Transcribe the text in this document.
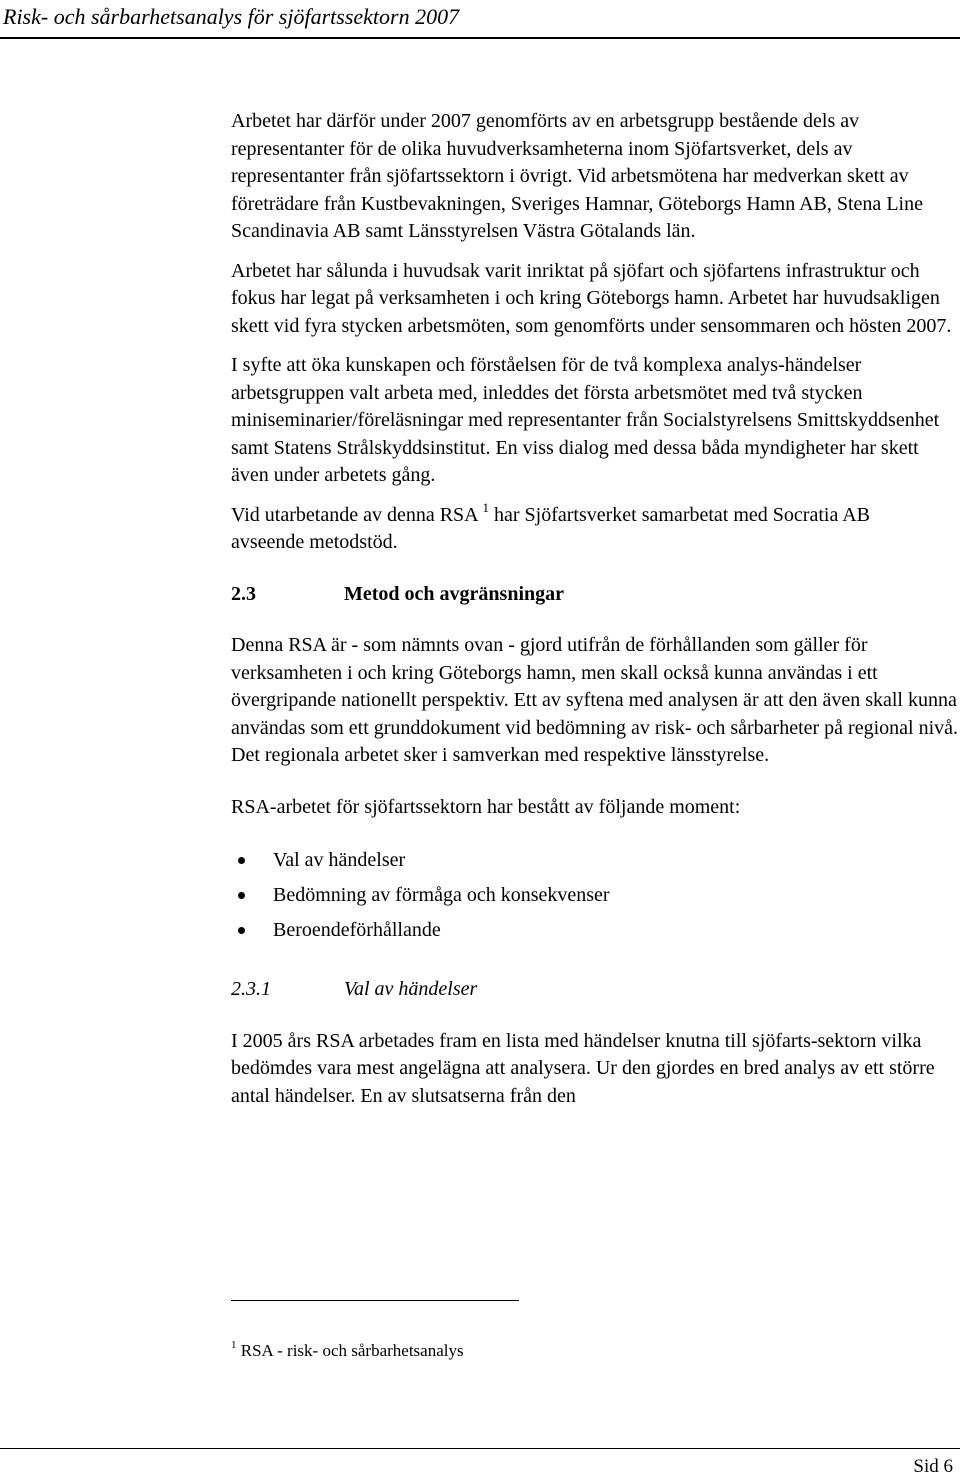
Risk- och sårbarhetsanalys för sjöfartssektorn 2007

Arbetet har därför under 2007 genomförts av en arbetsgrupp bestående dels av representanter för de olika huvudverksamheterna inom Sjöfartsverket, dels av representanter från sjöfartssektorn i övrigt. Vid arbetsmötena har medverkan skett av företrädare från Kustbevakningen, Sveriges Hamnar, Göteborgs Hamn AB, Stena Line Scandinavia AB samt Länsstyrelsen Västra Götalands län.

Arbetet har sålunda i huvudsak varit inriktat på sjöfart och sjöfartens infrastruktur och fokus har legat på verksamheten i och kring Göteborgs hamn. Arbetet har huvudsakligen skett vid fyra stycken arbetsmöten, som genomförts under sensommaren och hösten 2007.

I syfte att öka kunskapen och förståelsen för de två komplexa analys-händelser arbetsgruppen valt arbeta med, inleddes det första arbetsmötet med två stycken miniseminarier/föreläsningar med representanter från Socialstyrelsens Smittskyddsenhet samt Statens Strålskyddsinstitut. En viss dialog med dessa båda myndigheter har skett även under arbetets gång.

Vid utarbetande av denna RSA $^1$ har Sjöfartsverket samarbetat med Socratia AB avseende metodstöd.

2.3	Metod och avgränsningar

Denna RSA är - som nämnts ovan - gjord utifrån de förhållanden som gäller för verksamheten i och kring Göteborgs hamn, men skall också kunna användas i ett övergripande nationellt perspektiv. Ett av syftena med analysen är att den även skall kunna användas som ett grunddokument vid bedömning av risk- och sårbarheter på regional nivå. Det regionala arbetet sker i samverkan med respektive länsstyrelse.

RSA-arbetet för sjöfartssektorn har bestått av följande moment:

Val av händelser
Bedömning av förmåga och konsekvenser
Beroendeförhållande
2.3.1	Val av händelser

I 2005 års RSA arbetades fram en lista med händelser knutna till sjöfarts-sektorn vilka bedömdes vara mest angelägna att analysera. Ur den gjordes en bred analys av ett större antal händelser. En av slutsatserna från den

$^1$ RSA - risk- och sårbarhetsanalys
Sid 6
